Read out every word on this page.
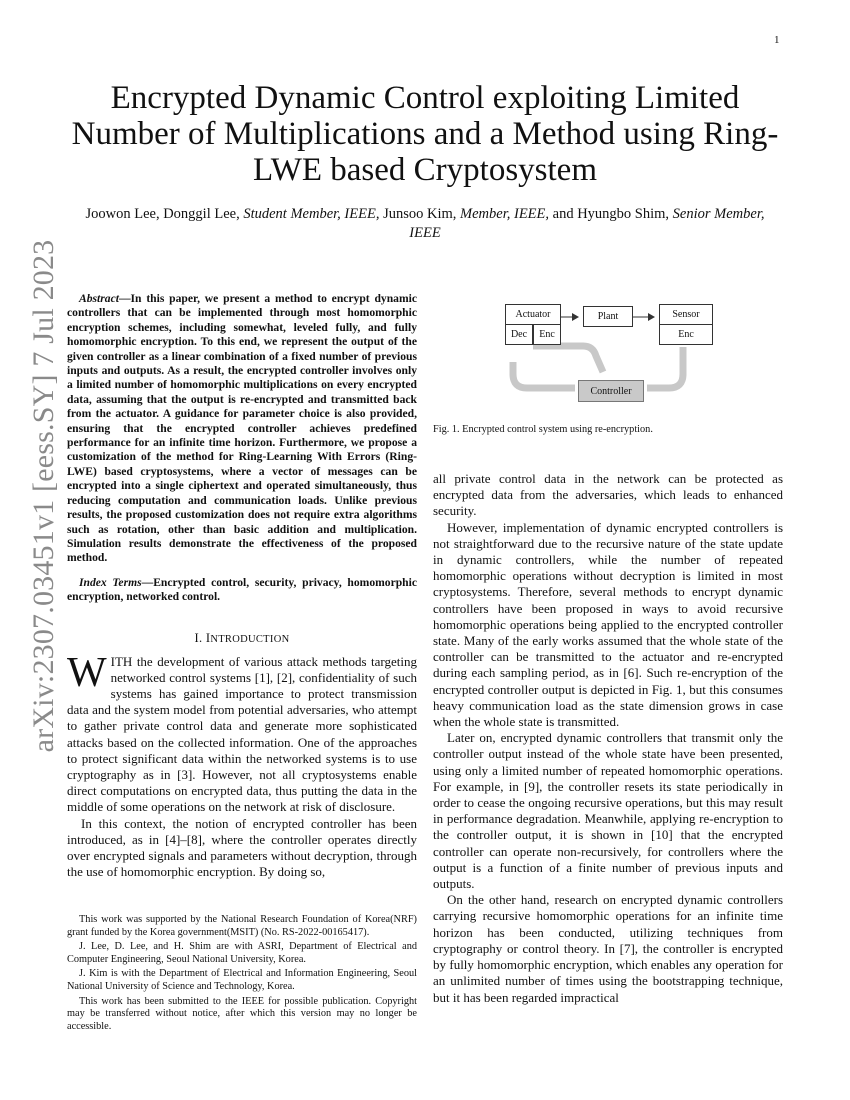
1
arXiv:2307.03451v1 [eess.SY] 7 Jul 2023
Encrypted Dynamic Control exploiting Limited Number of Multiplications and a Method using Ring-LWE based Cryptosystem
Joowon Lee, Donggil Lee, Student Member, IEEE, Junsoo Kim, Member, IEEE, and Hyungbo Shim, Senior Member, IEEE

Abstract—In this paper, we present a method to encrypt dynamic controllers that can be implemented through most homomorphic encryption schemes, including somewhat, leveled fully, and fully homomorphic encryption. To this end, we represent the output of the given controller as a linear combination of a fixed number of previous inputs and outputs. As a result, the encrypted controller involves only a limited number of homomorphic multiplications on every encrypted data, assuming that the output is re-encrypted and transmitted back from the actuator. A guidance for parameter choice is also provided, ensuring that the encrypted controller achieves predefined performance for an infinite time horizon. Furthermore, we propose a customization of the method for Ring-Learning With Errors (Ring-LWE) based cryptosystems, where a vector of messages can be encrypted into a single ciphertext and operated simultaneously, thus reducing computation and communication loads. Unlike previous results, the proposed customization does not require extra algorithms such as rotation, other than basic addition and multiplication. Simulation results demonstrate the effectiveness of the proposed method.

Index Terms—Encrypted control, security, privacy, homomorphic encryption, networked control.

I. INTRODUCTION

WITH the development of various attack methods targeting networked control systems [1], [2], confidentiality of such systems has gained importance to protect transmission data and the system model from potential adversaries, who attempt to gather private control data and generate more sophisticated attacks based on the collected information. One of the approaches to protect significant data within the networked systems is to use cryptography as in [3]. However, not all cryptosystems enable direct computations on encrypted data, thus putting the data in the middle of some operations on the network at risk of disclosure.

In this context, the notion of encrypted controller has been introduced, as in [4]–[8], where the controller operates directly over encrypted signals and parameters without decryption, through the use of homomorphic encryption. By doing so,

This work was supported by the National Research Foundation of Korea(NRF) grant funded by the Korea government(MSIT) (No. RS-2022-00165417).

J. Lee, D. Lee, and H. Shim are with ASRI, Department of Electrical and Computer Engineering, Seoul National University, Korea.

J. Kim is with the Department of Electrical and Information Engineering, Seoul National University of Science and Technology, Korea.

This work has been submitted to the IEEE for possible publication. Copyright may be transferred without notice, after which this version may no longer be accessible.

Actuator
Dec	Enc
Plant	Sensor
Enc
Controller
Fig. 1. Encrypted control system using re-encryption.

all private control data in the network can be protected as encrypted data from the adversaries, which leads to enhanced security.

However, implementation of dynamic encrypted controllers is not straightforward due to the recursive nature of the state update in dynamic controllers, while the number of repeated homomorphic operations without decryption is limited in most cryptosystems. Therefore, several methods to encrypt dynamic controllers have been proposed in ways to avoid recursive homomorphic operations being applied to the encrypted controller state. Many of the early works assumed that the whole state of the controller can be transmitted to the actuator and re-encrypted during each sampling period, as in [6]. Such re-encryption of the encrypted controller output is depicted in Fig. 1, but this consumes heavy communication load as the state dimension grows in case when the whole state is transmitted.

Later on, encrypted dynamic controllers that transmit only the controller output instead of the whole state have been presented, using only a limited number of repeated homomorphic operations. For example, in [9], the controller resets its state periodically in order to cease the ongoing recursive operations, but this may result in performance degradation. Meanwhile, applying re-encryption to the controller output, it is shown in [10] that the encrypted controller can operate non-recursively, for controllers where the output is a function of a finite number of previous inputs and outputs.

On the other hand, research on encrypted dynamic controllers carrying recursive homomorphic operations for an infinite time horizon has been conducted, utilizing techniques from cryptography or control theory. In [7], the controller is encrypted by fully homomorphic encryption, which enables any operation for an unlimited number of times using the bootstrapping technique, but it has been regarded impractical
